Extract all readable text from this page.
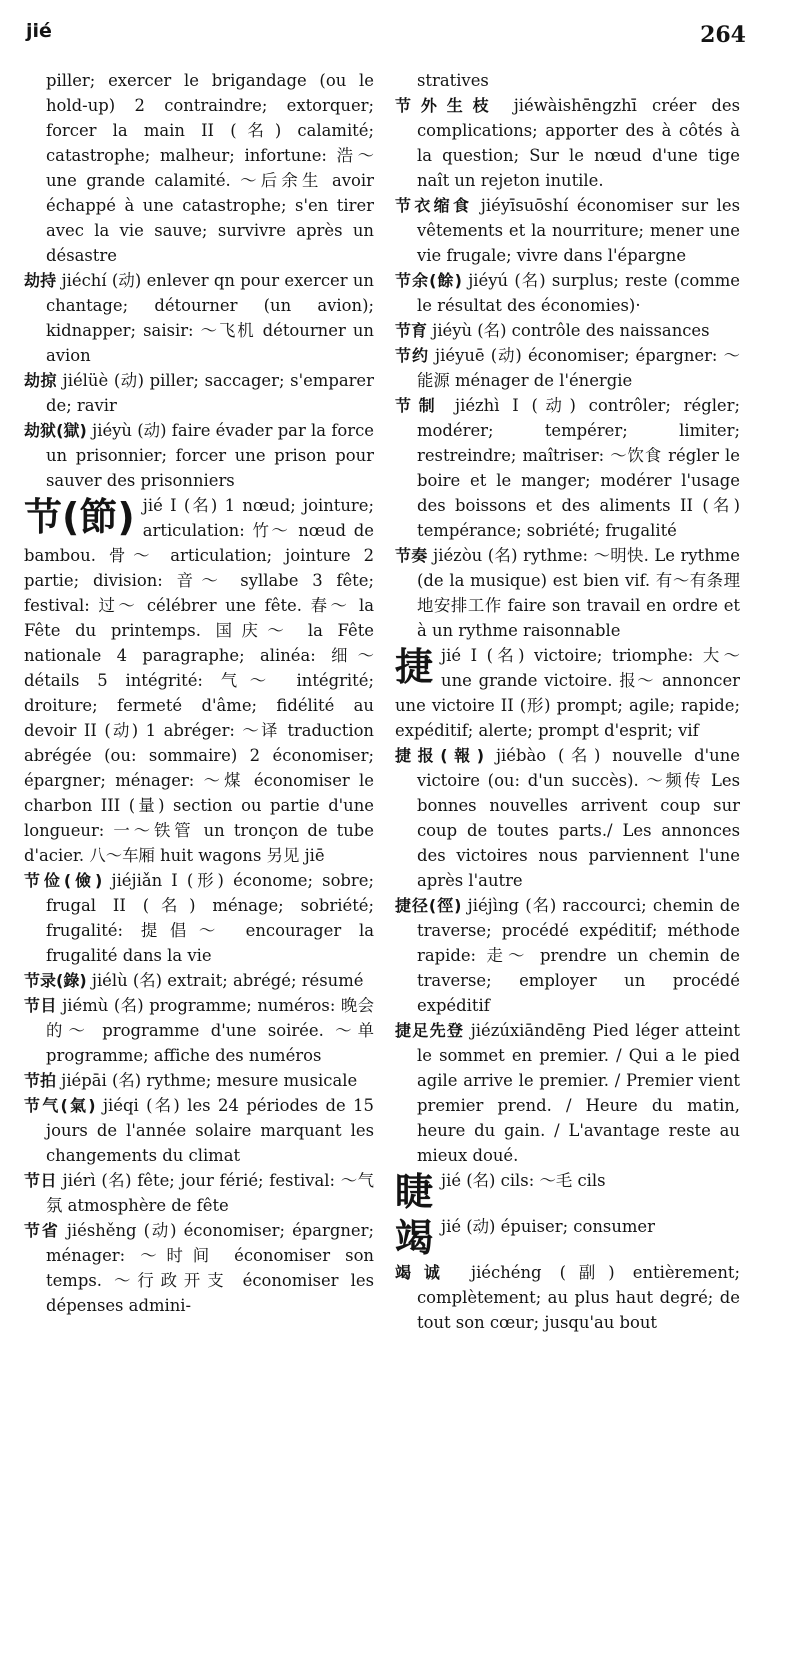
jié	264

piller; exercer le brigandage (ou le hold-up) 2 contraindre; extorquer; forcer la main II (名) calamité; catastrophe; malheur; infortune: 浩～ une grande calamité. ～后余生 avoir échappé à une catastrophe; s'en tirer avec la vie sauve; survivre après un désastre

劫持 jiéchí (动) enlever qn pour exercer un chantage; détourner (un avion); kidnapper; saisir: ～飞机 détourner un avion

劫掠 jiélüè (动) piller; saccager; s'emparer de; ravir

劫狱(獄) jiéyù (动) faire évader par la force un prisonnier; forcer une prison pour sauver des prisonniers

节(節) jié I (名) 1 nœud; jointure; articulation: 竹～ nœud de bambou. 骨～ articulation; jointure 2 partie; division: 音～ syllabe 3 fête; festival: 过～ célébrer une fête. 春～ la Fête du printemps. 国庆～ la Fête nationale 4 paragraphe; alinéa: 细～ détails 5 intégrité: 气～ intégrité; droiture; fermeté d'âme; fidélité au devoir II (动) 1 abréger: ～译 traduction abrégée (ou: sommaire) 2 économiser; épargner; ménager: ～煤 économiser le charbon III (量) section ou partie d'une longueur: 一～铁管 un tronçon de tube d'acier. 八～车厢 huit wagons 另见 jiē

节俭(儉) jiéjiǎn I (形) économe; sobre; frugal II (名) ménage; sobriété; frugalité: 提倡～ encourager la frugalité dans la vie

节录(錄) jiélù (名) extrait; abrégé; résumé

节目 jiémù (名) programme; numéros: 晚会的～ programme d'une soirée. ～单 programme; affiche des numéros

节拍 jiépāi (名) rythme; mesure musicale

节气(氣) jiéqi (名) les 24 périodes de 15 jours de l'année solaire marquant les changements du climat

节日 jiérì (名) fête; jour férié; festival: ～气氛 atmosphère de fête

节省 jiéshěng (动) économiser; épargner; ménager: ～时间 économiser son temps. ～行政开支 économiser les dépenses admini-

stratives

节外生枝 jiéwàishēngzhī créer des complications; apporter des à côtés à la question; Sur le nœud d'une tige naît un rejeton inutile.

节衣缩食 jiéyīsuōshí économiser sur les vêtements et la nourriture; mener une vie frugale; vivre dans l'épargne

节余(餘) jiéyú (名) surplus; reste (comme le résultat des économies)·

节育 jiéyù (名) contrôle des naissances

节约 jiéyuē (动) économiser; épargner: ～能源 ménager de l'énergie

节制 jiézhì I (动) contrôler; régler; modérer; tempérer; limiter; restreindre; maîtriser: ～饮食 régler le boire et le manger; modérer l'usage des boissons et des aliments II (名) tempérance; sobriété; frugalité

节奏 jiézòu (名) rythme: ～明快. Le rythme (de la musique) est bien vif. 有～有条理地安排工作 faire son travail en ordre et à un rythme raisonnable

捷jié I (名) victoire; triomphe: 大～ une grande victoire. 报～ annoncer une victoire II (形) prompt; agile; rapide; expéditif; alerte; prompt d'esprit; vif

捷报(報) jiébào (名) nouvelle d'une victoire (ou: d'un succès). ～频传 Les bonnes nouvelles arrivent coup sur coup de toutes parts./ Les annonces des victoires nous parviennent l'une après l'autre

捷径(徑) jiéjìng (名) raccourci; chemin de traverse; procédé expéditif; méthode rapide: 走～ prendre un chemin de traverse; employer un procédé expéditif

捷足先登 jiézúxiāndēng Pied léger atteint le sommet en premier. / Qui a le pied agile arrive le premier. / Premier vient premier prend. / Heure du matin, heure du gain. / L'avantage reste au mieux doué.

睫jié (名) cils: ～毛 cils

竭jié (动) épuiser; consumer

竭诚 jiéchéng (副) entièrement; complètement; au plus haut degré; de tout son cœur; jusqu'au bout
